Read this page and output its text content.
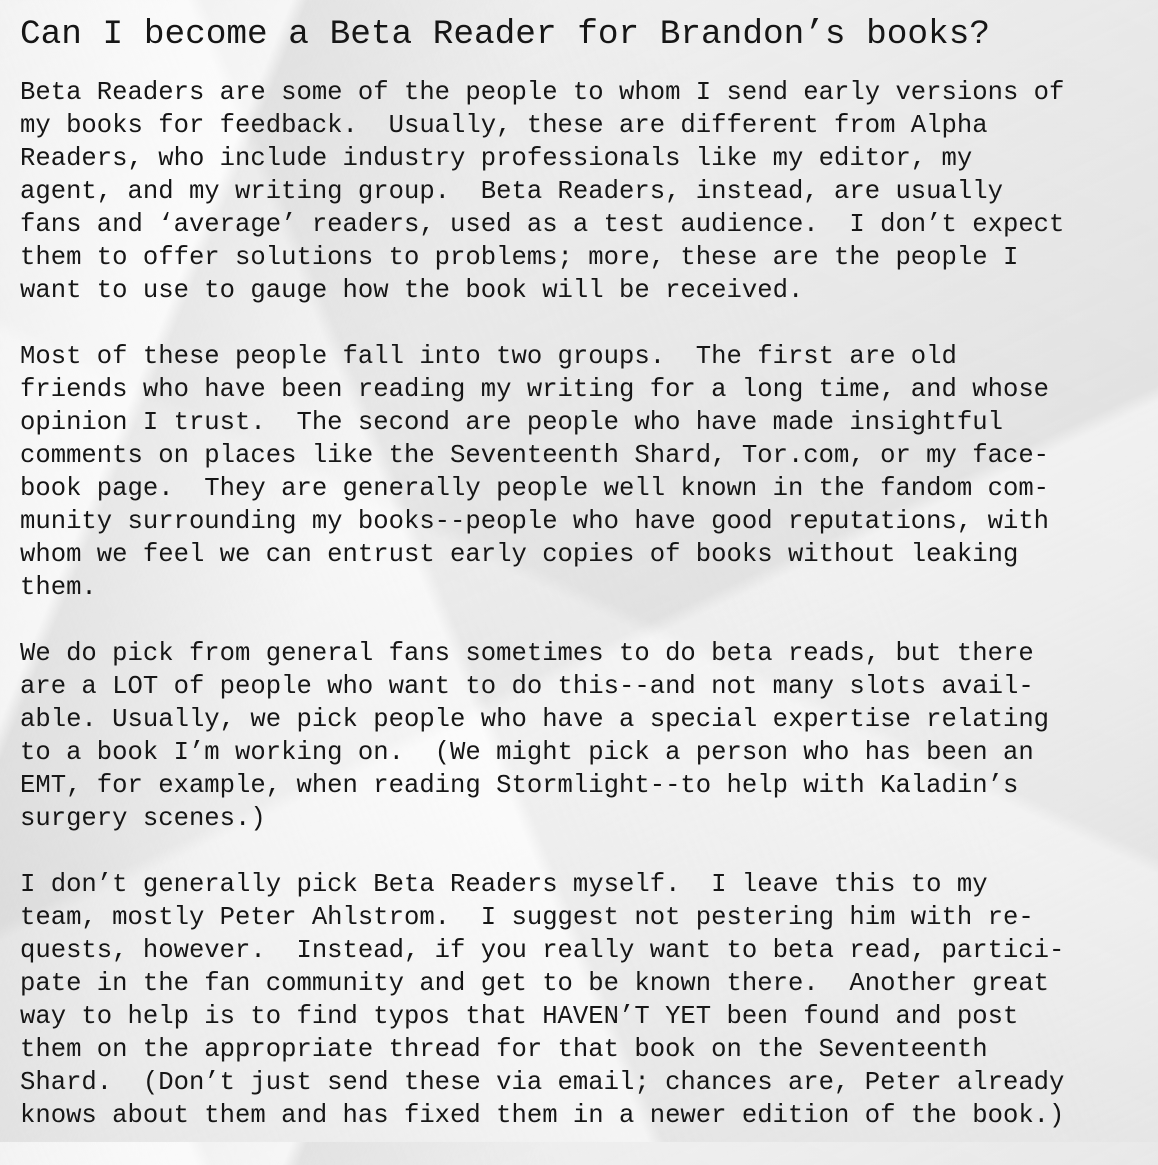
Can I become a Beta Reader for Brandon’s books?
Beta Readers are some of the people to whom I send early versions of
my books for feedback.  Usually, these are different from Alpha
Readers, who include industry professionals like my editor, my
agent, and my writing group.  Beta Readers, instead, are usually
fans and ‘average’ readers, used as a test audience.  I don’t expect
them to offer solutions to problems; more, these are the people I
want to use to gauge how the book will be received.
Most of these people fall into two groups.  The first are old
friends who have been reading my writing for a long time, and whose
opinion I trust.  The second are people who have made insightful
comments on places like the Seventeenth Shard, Tor.com, or my face-
book page.  They are generally people well known in the fandom com-
munity surrounding my books--people who have good reputations, with
whom we feel we can entrust early copies of books without leaking
them.
We do pick from general fans sometimes to do beta reads, but there
are a LOT of people who want to do this--and not many slots avail-
able. Usually, we pick people who have a special expertise relating
to a book I’m working on.  (We might pick a person who has been an
EMT, for example, when reading Stormlight--to help with Kaladin’s
surgery scenes.)
I don’t generally pick Beta Readers myself.  I leave this to my
team, mostly Peter Ahlstrom.  I suggest not pestering him with re-
quests, however.  Instead, if you really want to beta read, partici-
pate in the fan community and get to be known there.  Another great
way to help is to find typos that HAVEN’T YET been found and post
them on the appropriate thread for that book on the Seventeenth
Shard.  (Don’t just send these via email; chances are, Peter already
knows about them and has fixed them in a newer edition of the book.)
